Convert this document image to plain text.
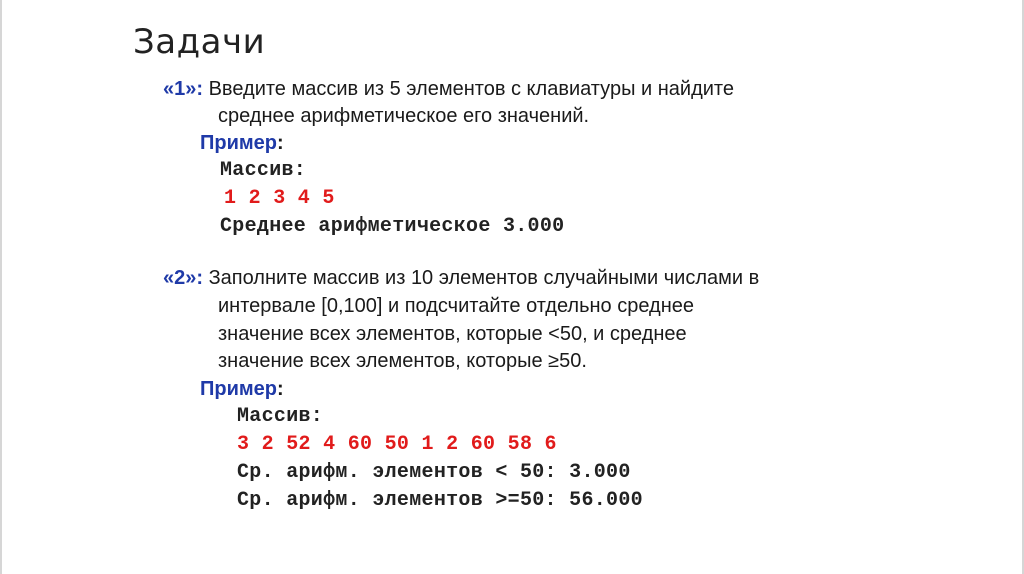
Задачи
«1»: Введите массив из 5 элементов с клавиатуры и найдите
среднее арифметическое его значений.
Пример:
Массив:
1 2 3 4 5
Среднее арифметическое 3.000
«2»: Заполните массив из 10 элементов случайными числами в
интервале [0,100] и подсчитайте отдельно среднее
значение всех элементов, которые <50, и среднее
значение всех элементов, которые ≥50.
Пример:
Массив:
3 2 52 4 60 50 1 2 60 58 6
Ср. арифм. элементов < 50: 3.000
Ср. арифм. элементов >=50: 56.000
